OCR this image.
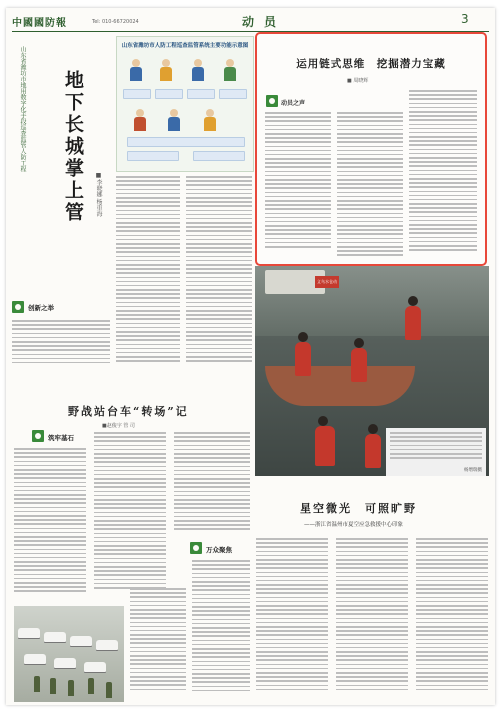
中國國防報	Tel: 010-66720024	动员	3
山东省潍坊市地用数字化手段巡查监管人防工程 地下长城掌上管	■李晓娜 杨重海
山东省潍坊市人防工程巡查监管系统主要功能示意图
创新之举
运用链式思维　挖掘潜力宝藏
■ 周晓辉
动员之声
义乌水仓动
杨增瑞摄
野战站台车“转场”记
■赵俊宇 管 司
筑牢基石
星空微光　可照旷野
——浙江省温州市夏空应急救援中心印象
万众聚焦
